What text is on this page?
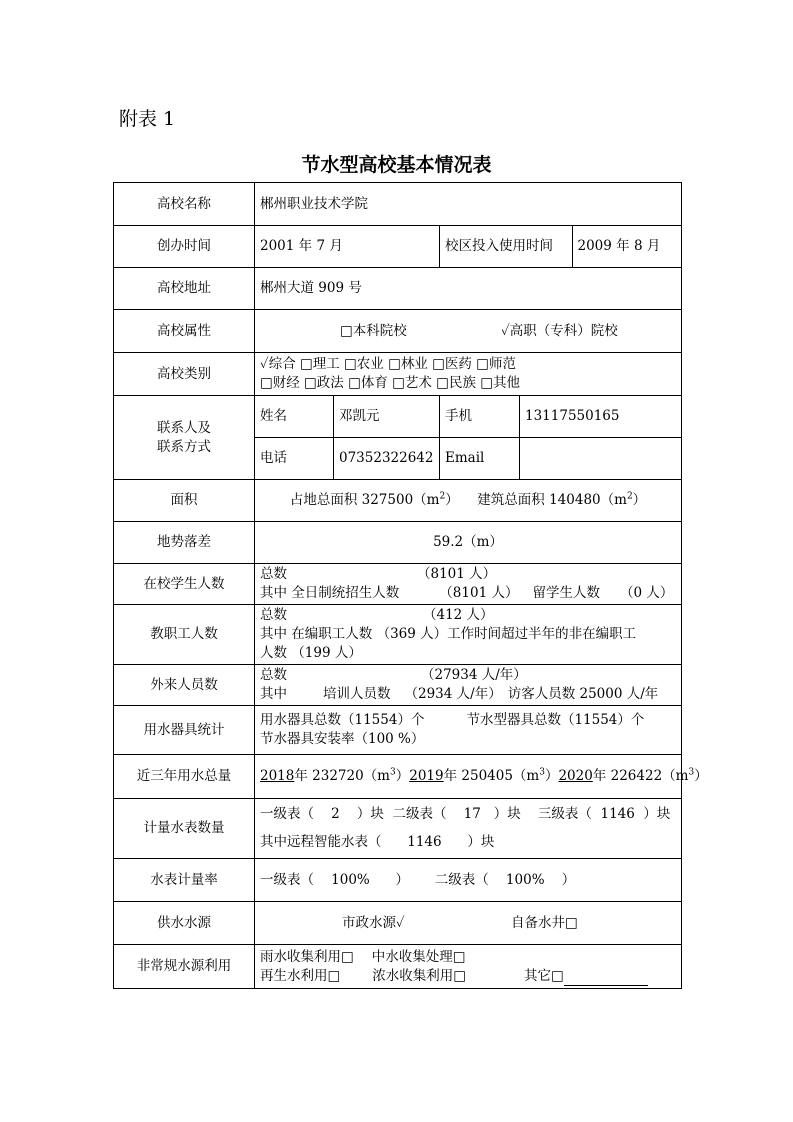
附表 1
节水型高校基本情况表
高校名称	郴州职业技术学院
创办时间	2001 年 7 月		校区投入使用时间	2009 年 8 月

高校地址	郴州大道 909 号
高校属性	□本科院校	✓高职（专科）院校
高校类别	
✓综合 □理工 □农业 □林业 □医药 □师范
□财经 □政法 □体育 □艺术 □民族 □其他

联系人及
联系方式
	姓名	邓凯元	手机	13117550165
电话	07352322642	Email	
面积	占地总面积 $327500(m^2)$ 建筑总面积 $140480(m^2)$
地势落差	59.2（m）
在校学生人数	
总数	（8101 人）
其中 全日制统招生人数	（8101 人） 留学生人数 （0 人）

教职工人数	
总数	（412 人）
其中 在编职工人数 （369 人）工作时间超过半年的非在编职工
人数 （199 人）

外来人员数	
总数	（27934 人/年）
其中	培训人员数 （2934 人/年） 访客人员数 25000 人/年

用水器具统计	
用水器具总数（11554）个	节水型器具总数（11554）个
节水器具安装率（100 %）

近三年用水总量	2018年 $232720(m^3)2019$年 $250405(m^3)2020$年 $226422(m^3)$
计量水表数量	
一级表（    2    ）块 二级表（    17   ）块 三级表（  1146  ）块
其中远程智能水表（      1146      ）块

水表计量率	一级表（    100%      ） 二级表（    100%    ）
供水水源	市政水源✓	自备水井□
非常规水源利用	
雨水收集利用□ 中水收集处理□
再生水利用□ 浓水收集利用□	其它□
